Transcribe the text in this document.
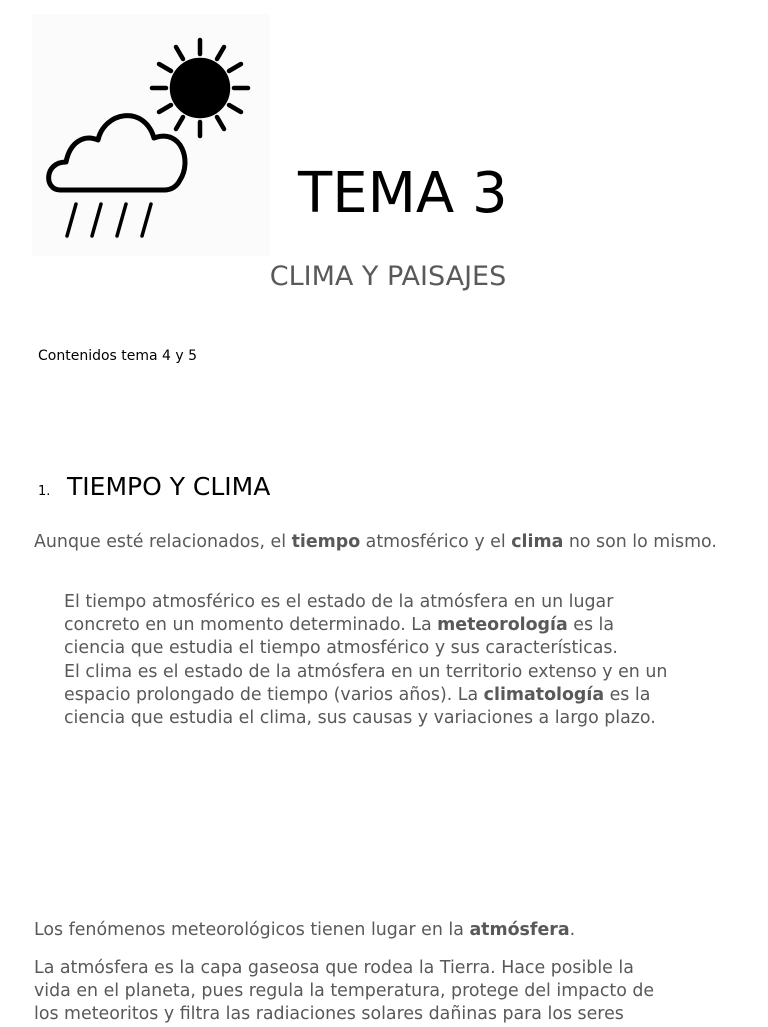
TEMA 3
CLIMA Y PAISAJES
Contenidos tema 4 y 5
1. TIEMPO Y CLIMA

Aunque esté relacionados, el tiempo atmosférico y el clima no son lo mismo.

El tiempo atmosférico es el estado de la atmósfera en un lugar
concreto en un momento determinado. La meteorología es la
ciencia que estudia el tiempo atmosférico y sus características.
El clima es el estado de la atmósfera en un territorio extenso y en un
espacio prolongado de tiempo (varios años). La climatología es la
ciencia que estudia el clima, sus causas y variaciones a largo plazo.

Los fenómenos meteorológicos tienen lugar en la atmósfera.

La atmósfera es la capa gaseosa que rodea la Tierra. Hace posible la
vida en el planeta, pues regula la temperatura, protege del impacto de
los meteoritos y filtra las radiaciones solares dañinas para los seres
